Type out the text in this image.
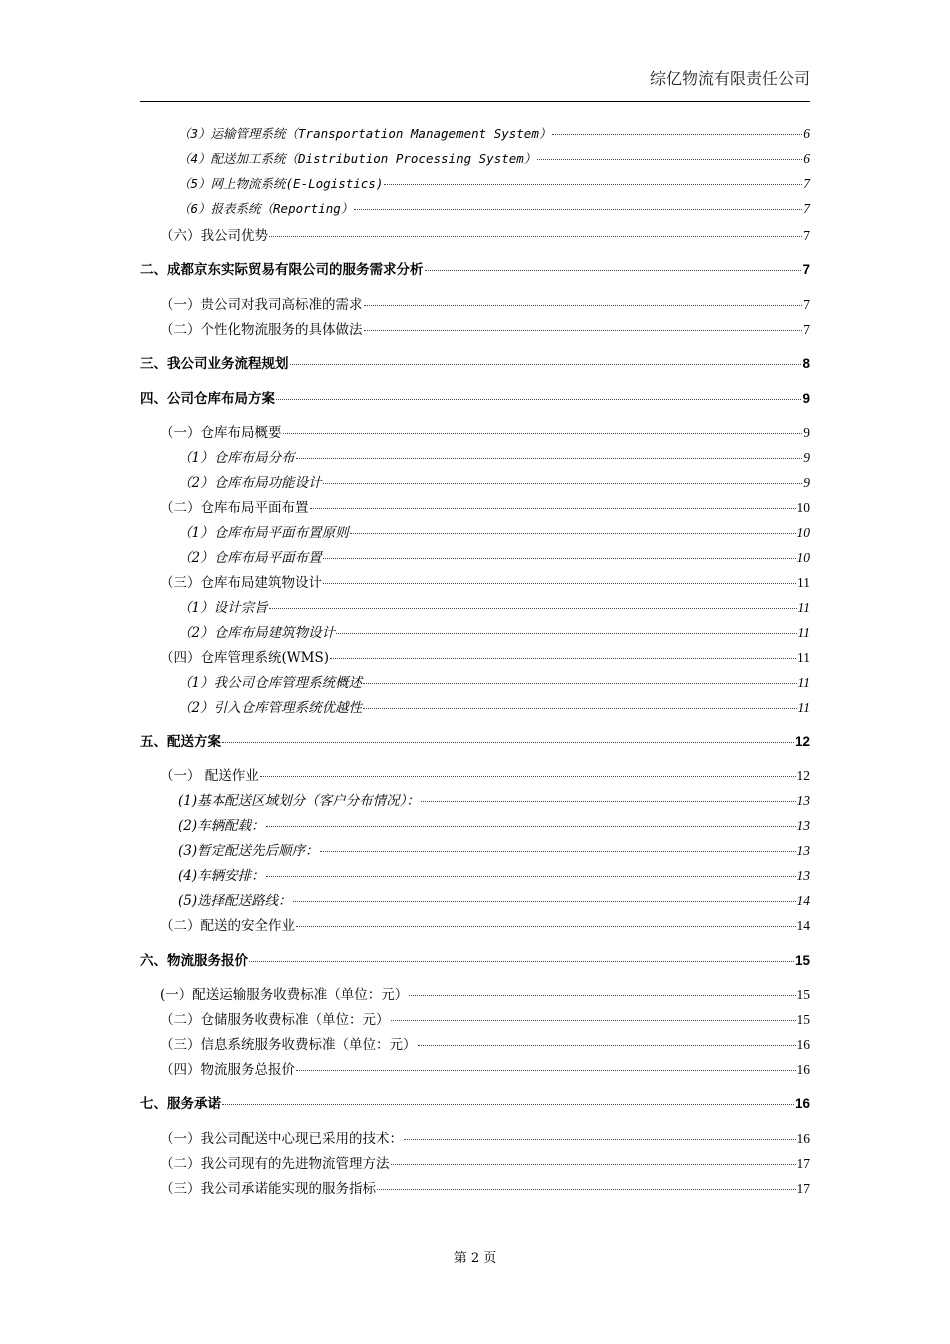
综亿物流有限责任公司
（3）运输管理系统（Transportation Management System）	6
（4）配送加工系统（Distribution Processing System）	6
（5）网上物流系统(E-Logistics)	7
（6）报表系统（Reporting）	7
（六）我公司优势	7
二、成都京东实际贸易有限公司的服务需求分析	7
（一）贵公司对我司高标准的需求	7
（二）个性化物流服务的具体做法	7
三、我公司业务流程规划	8
四、公司仓库布局方案	9
（一）仓库布局概要	9
（1）仓库布局分布	9
（2）仓库布局功能设计	9
（二）仓库布局平面布置	10
（1）仓库布局平面布置原则	10
（2）仓库布局平面布置	10
（三）仓库布局建筑物设计	11
（1）设计宗旨	11
（2）仓库布局建筑物设计	11
（四）仓库管理系统(WMS)	11
（1）我公司仓库管理系统概述	11
（2）引入仓库管理系统优越性	11
五、配送方案	12
（一） 配送作业	12
(1)基本配送区域划分（客户分布情况）：	13
(2)车辆配载：	13
(3)暂定配送先后顺序：	13
(4)车辆安排：	13
(5)选择配送路线：	14
（二）配送的安全作业	14
六、物流服务报价	15
(一）配送运输服务收费标准（单位：元）	15
（二）仓储服务收费标准（单位：元）	15
（三）信息系统服务收费标准（单位：元）	16
（四）物流服务总报价	16
七、服务承诺	16
（一）我公司配送中心现已采用的技术：	16
（二）我公司现有的先进物流管理方法	17
（三）我公司承诺能实现的服务指标	17
第 2 页
